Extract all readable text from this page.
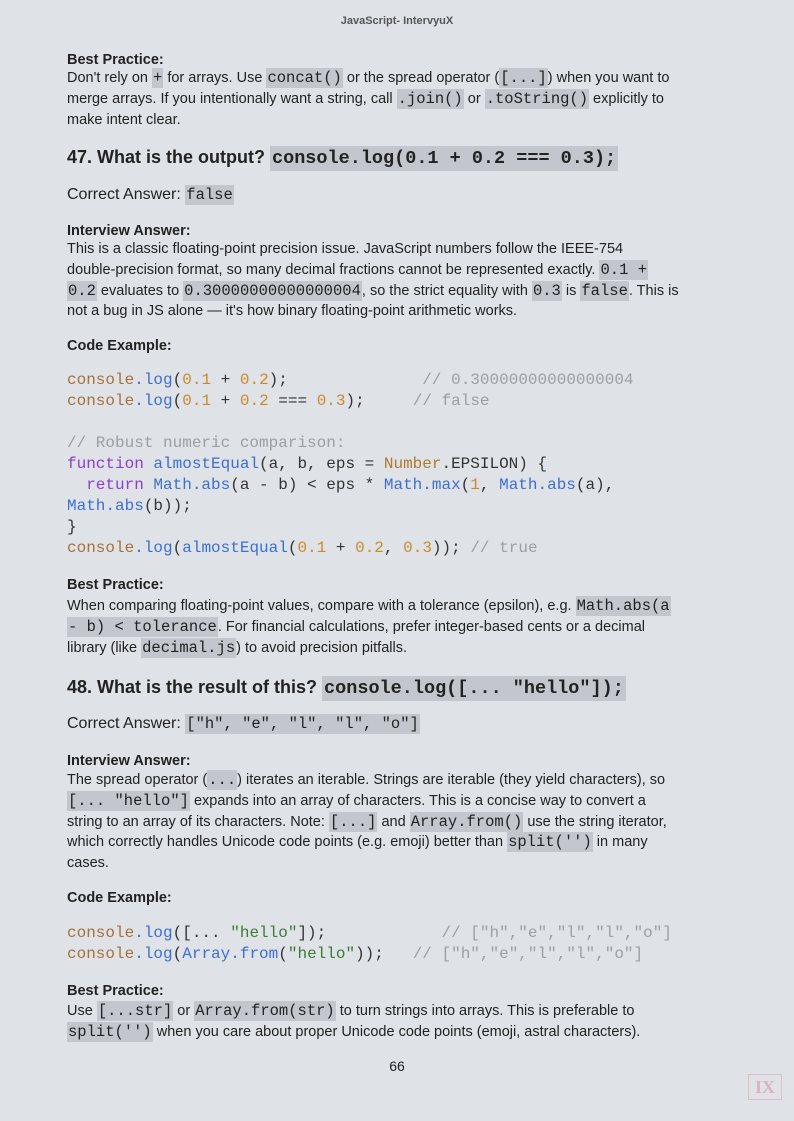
JavaScript- IntervyuX
Best Practice:
Don't rely on + for arrays. Use concat() or the spread operator ([...]) when you want to
merge arrays. If you intentionally want a string, call .join() or .toString() explicitly to
make intent clear.
47. What is the output? console.log(0.1 + 0.2 === 0.3);
Correct Answer: false
Interview Answer:
This is a classic floating-point precision issue. JavaScript numbers follow the IEEE-754
double-precision format, so many decimal fractions cannot be represented exactly. 0.1 +
0.2 evaluates to 0.30000000000000004, so the strict equality with 0.3 is false. This is
not a bug in JS alone — it's how binary floating-point arithmetic works.
Code Example:
console.log(0.1 + 0.2);              // 0.30000000000000004
console.log(0.1 + 0.2 === 0.3);     // false
// Robust numeric comparison:
function almostEqual(a, b, eps = Number.EPSILON) {
return Math.abs(a - b) < eps * Math.max(1, Math.abs(a),
Math.abs(b));
}
console.log(almostEqual(0.1 + 0.2, 0.3)); // true
Best Practice:
When comparing floating-point values, compare with a tolerance (epsilon), e.g. Math.abs(a
- b) < tolerance. For financial calculations, prefer integer-based cents or a decimal
library (like decimal.js) to avoid precision pitfalls.
48. What is the result of this? console.log([... "hello"]);
Correct Answer: ["h", "e", "l", "l", "o"]
Interview Answer:
The spread operator (...) iterates an iterable. Strings are iterable (they yield characters), so
[... "hello"] expands into an array of characters. This is a concise way to convert a
string to an array of its characters. Note: [...] and Array.from() use the string iterator,
which correctly handles Unicode code points (e.g. emoji) better than split('') in many
cases.
Code Example:
console.log([... "hello"]);            // ["h","e","l","l","o"]
console.log(Array.from("hello"));   // ["h","e","l","l","o"]
Best Practice:
Use [...str] or Array.from(str) to turn strings into arrays. This is preferable to
split('') when you care about proper Unicode code points (emoji, astral characters).
66
IX
